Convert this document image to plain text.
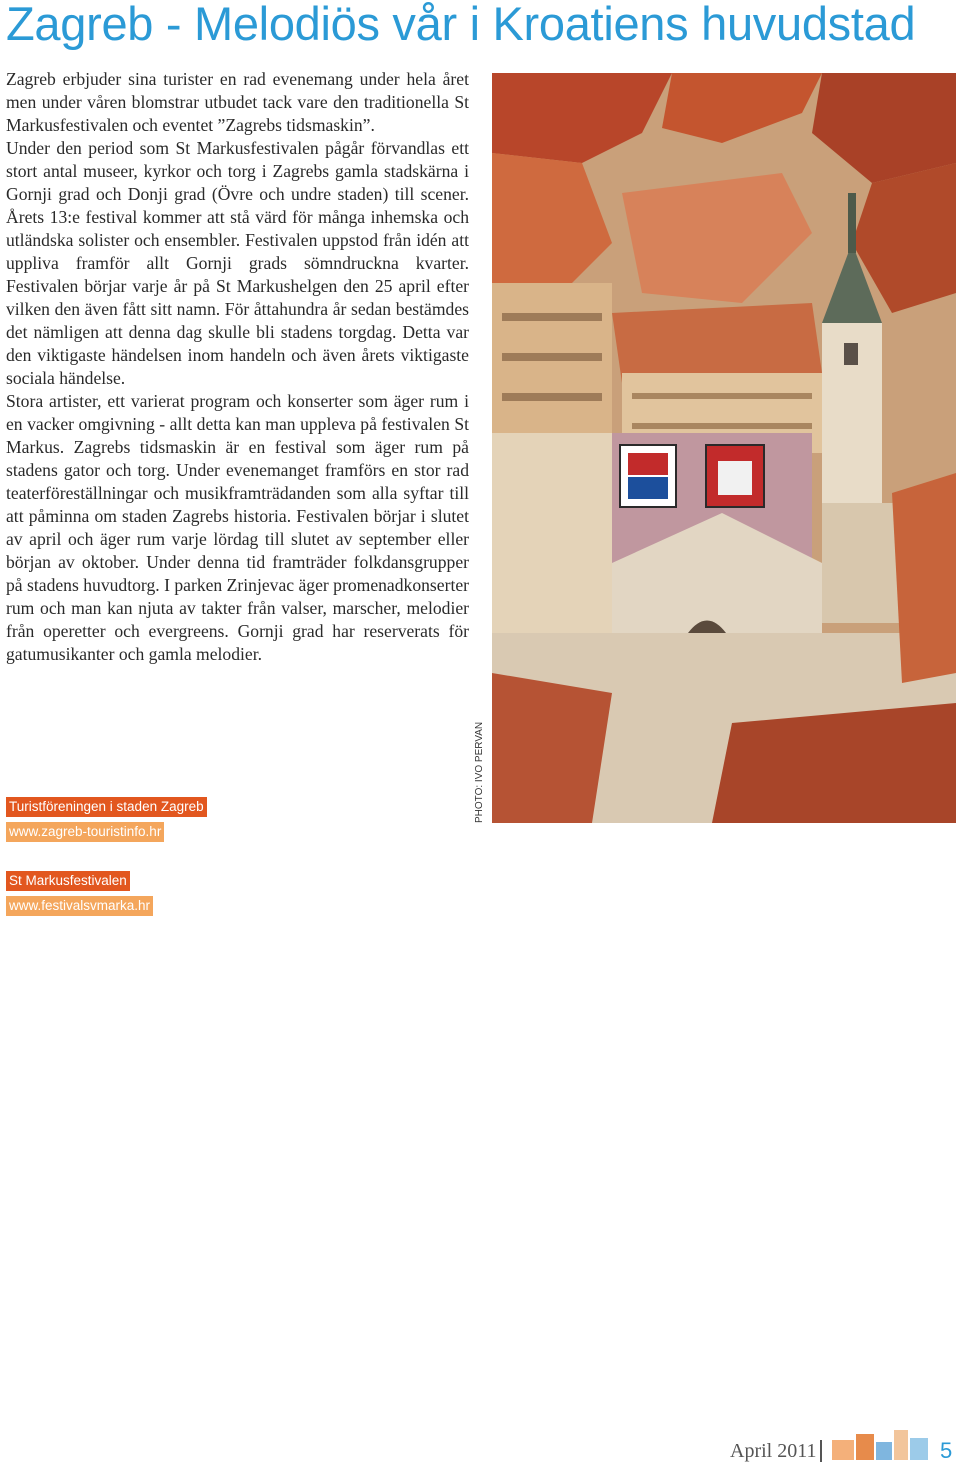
Zagreb - Melodiös vår i Kroatiens huvudstad

Zagreb erbjuder sina turister en rad evenemang under hela året men under våren blomstrar utbudet tack vare den traditionella St Markusfestivalen och eventet ”Zagrebs tidsmaskin”.

Under den period som St Markusfestivalen pågår förvandlas ett stort antal museer, kyrkor och torg i Zagrebs gamla stadskärna i Gornji grad och Donji grad (Övre och undre staden) till scener. Årets 13:e festival kommer att stå värd för många inhemska och utländska solister och ensembler. Festivalen uppstod från idén att uppliva framför allt Gornji grads sömndruckna kvarter. Festivalen börjar varje år på St Markushelgen den 25 april efter vilken den även fått sitt namn. För åttahundra år sedan bestämdes det nämligen att denna dag skulle bli stadens torgdag. Detta var den viktigaste händelsen inom handeln och även årets viktigaste sociala händelse.

Stora artister, ett varierat program och konserter som äger rum i en vacker omgivning - allt detta kan man uppleva på festivalen St Markus. Zagrebs tidsmaskin är en festival som äger rum på stadens gator och torg. Under evenemanget framförs en stor rad teaterföreställningar och musikframträdanden som alla syftar till att påminna om staden Zagrebs historia. Festivalen börjar i slutet av april och äger rum varje lördag till slutet av september eller början av oktober. Under denna tid framträder folkdansgrupper på stadens huvudtorg. I parken Zrinjevac äger promenadkonserter rum och man kan njuta av takter från valser, marscher, melodier från operetter och evergreens. Gornji grad har reserverats för gatumusikanter och gamla melodier.

PHOTO: IVO PERVAN
Turistföreningen i staden Zagreb
www.zagreb-touristinfo.hr
St Markusfestivalen
www.festivalsvmarka.hr
April 2011	5
